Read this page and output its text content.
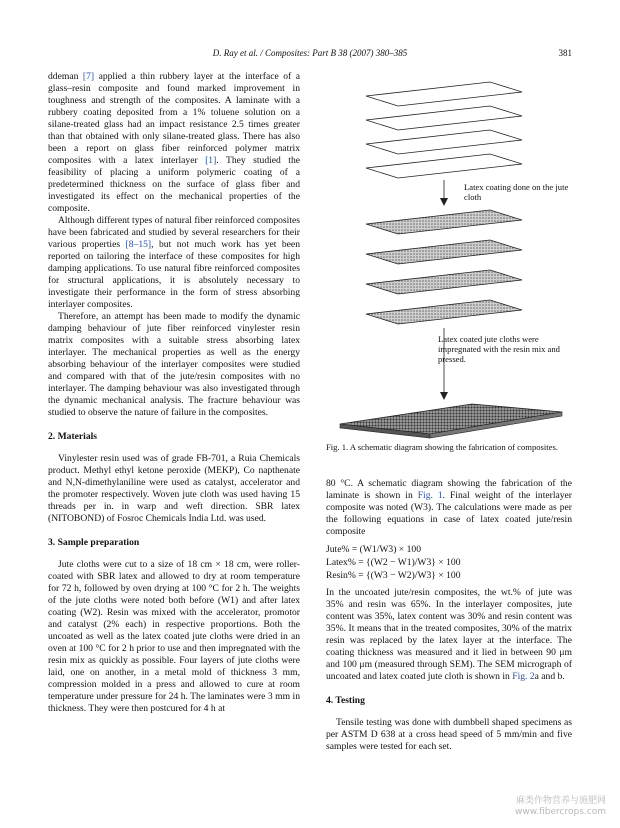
D. Ray et al. / Composites: Part B 38 (2007) 380–385	381

ddeman [7] applied a thin rubbery layer at the interface of a glass–resin composite and found marked improvement in toughness and strength of the composites. A laminate with a rubbery coating deposited from a 1% toluene solution on a silane-treated glass had an impact resistance 2.5 times greater than that obtained with only silane-treated glass. There has also been a report on glass fiber reinforced polymer matrix composites with a latex interlayer [1]. They studied the feasibility of placing a uniform polymeric coating of a predetermined thickness on the surface of glass fiber and investigated its effect on the mechanical properties of the composite.

Although different types of natural fiber reinforced composites have been fabricated and studied by several researchers for their various properties [8–15], but not much work has yet been reported on tailoring the interface of these composites for high damping applications. To use natural fibre reinforced composites for structural applications, it is absolutely necessary to investigate their performance in the form of stress absorbing interlayer composites.

Therefore, an attempt has been made to modify the dynamic damping behaviour of jute fiber reinforced vinylester resin matrix composites with a suitable stress absorbing latex interlayer. The mechanical properties as well as the energy absorbing behaviour of the interlayer composites were studied and compared with that of the jute/resin composites with no interlayer. The damping behaviour was also investigated through the dynamic mechanical analysis. The fracture behaviour was studied to observe the nature of failure in the composites.

2. Materials

Vinylester resin used was of grade FB-701, a Ruia Chemicals product. Methyl ethyl ketone peroxide (MEKP), Co napthenate and N,N-dimethylaniline were used as catalyst, accelerator and the promoter respectively. Woven jute cloth was used having 15 threads per in. in warp and weft direction. SBR latex (NITOBOND) of Fosroc Chemicals India Ltd. was used.

3. Sample preparation

Jute cloths were cut to a size of 18 cm × 18 cm, were roller-coated with SBR latex and allowed to dry at room temperature for 72 h, followed by oven drying at 100 °C for 2 h. The weights of the jute cloths were noted both before (W1) and after latex coating (W2). Resin was mixed with the accelerator, promotor and catalyst (2% each) in respective proportions. Both the uncoated as well as the latex coated jute cloths were dried in an oven at 100 °C for 2 h prior to use and then impregnated with the resin mix as quickly as possible. Four layers of jute cloths were laid, one on another, in a metal mold of thickness 3 mm, compression molded in a press and allowed to cure at room temperature under pressure for 24 h. The laminates were 3 mm in thickness. They were then postcured for 4 h at

Latex coating done on the jute cloth
Latex coated jute cloths were impregnated with the resin mix and pressed.
Fig. 1. A schematic diagram showing the fabrication of composites.

80 °C. A schematic diagram showing the fabrication of the laminate is shown in Fig. 1. Final weight of the interlayer composite was noted (W3). The calculations were made as per the following equations in case of latex coated jute/resin composite

Jute% = (W1/W3) × 100
Latex% = {(W2 − W1)/W3} × 100
Resin% = {(W3 − W2)/W3} × 100

In the uncoated jute/resin composites, the wt.% of jute was 35% and resin was 65%. In the interlayer composites, jute content was 35%, latex content was 30% and resin content was 35%. It means that in the treated composites, 30% of the matrix resin was replaced by the latex layer at the interface. The coating thickness was measured and it lied in between 90 μm and 100 μm (measured through SEM). The SEM micrograph of uncoated and latex coated jute cloth is shown in Fig. 2a and b.

4. Testing

Tensile testing was done with dumbbell shaped specimens as per ASTM D 638 at a cross head speed of 5 mm/min and five samples were tested for each set.

麻类作物营养与施肥网
www.fibercrops.com
